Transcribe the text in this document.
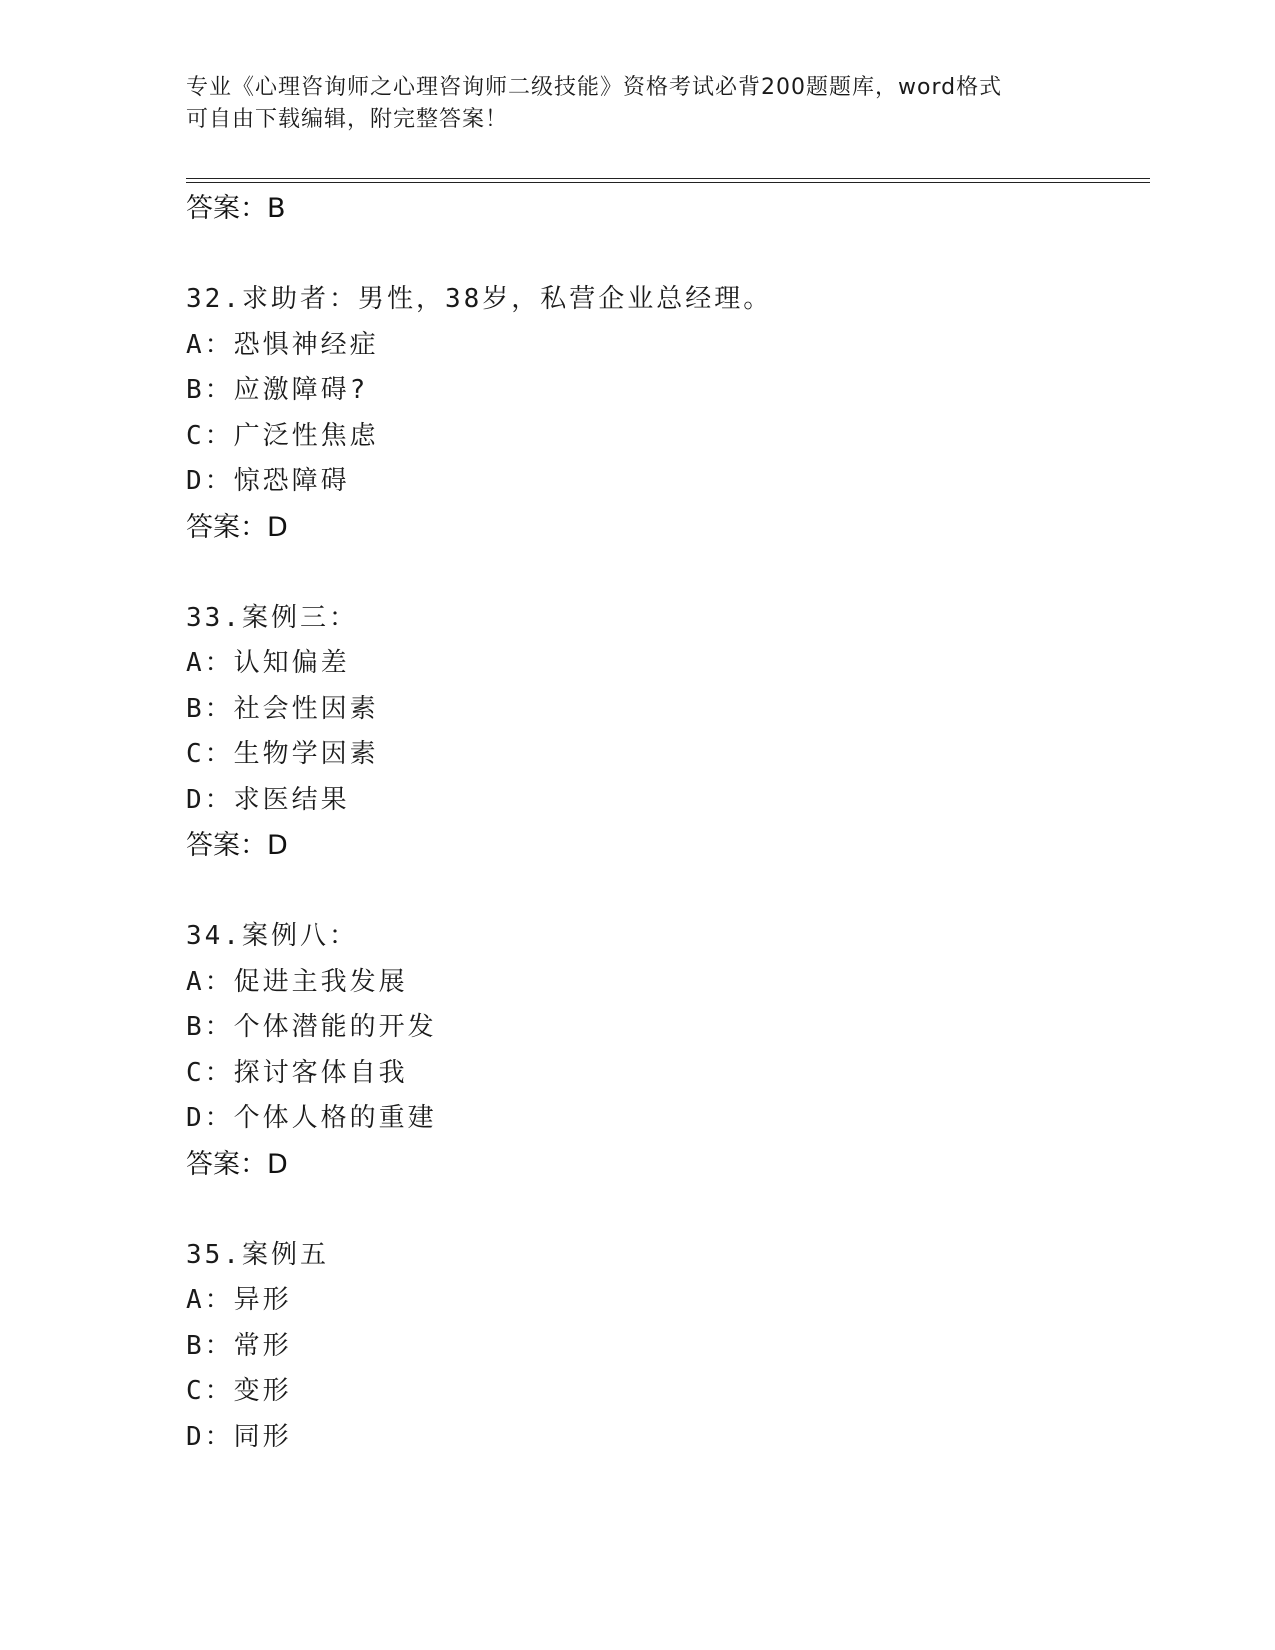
专业《心理咨询师之心理咨询师二级技能》资格考试必背200题题库，word格式
可自由下载编辑，附完整答案！
答案：B
32.求助者：男性，38岁，私营企业总经理。
A：恐惧神经症
B：应激障碍?
C：广泛性焦虑
D：惊恐障碍
答案：D
33.案例三：
A：认知偏差
B：社会性因素
C：生物学因素
D：求医结果
答案：D
34.案例八：
A：促进主我发展
B：个体潜能的开发
C：探讨客体自我
D：个体人格的重建
答案：D
35.案例五
A：异形
B：常形
C：变形
D：同形
